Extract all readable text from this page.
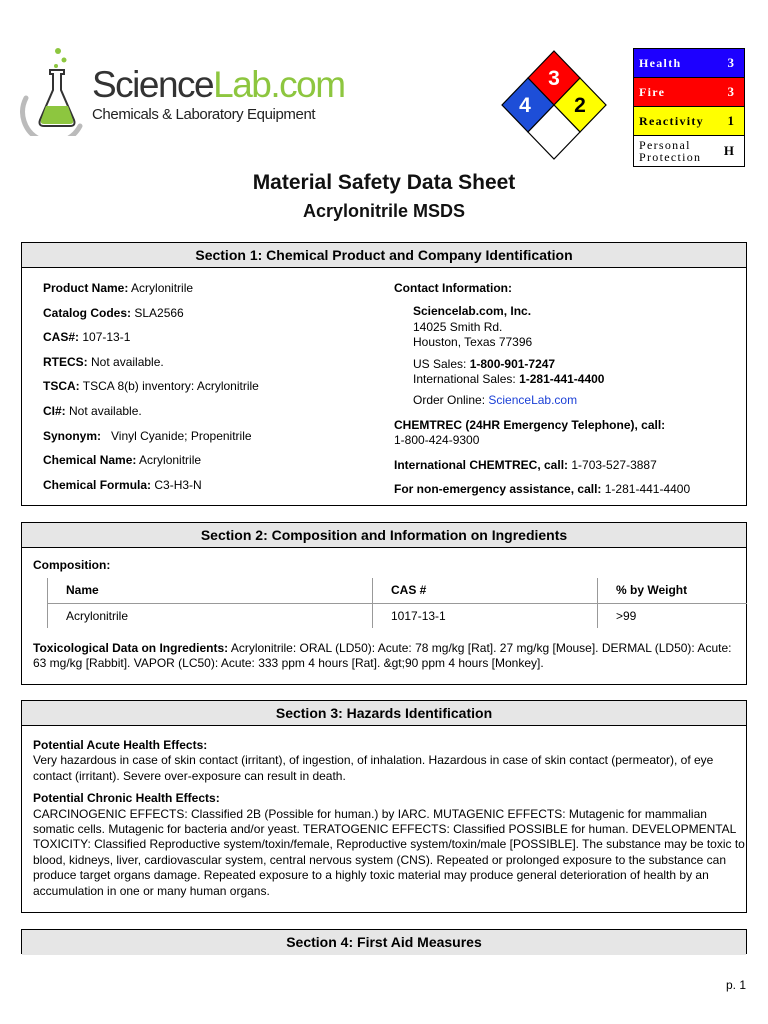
ScienceLab.com
Chemicals & Laboratory Equipment
3
4 2
Health	3
Fire	3
Reactivity 1
Personal
Protection H
Material Safety Data Sheet
Acrylonitrile MSDS
Section 1: Chemical Product and Company Identification
Product Name: Acrylonitrile
Catalog Codes: SLA2566
CAS#: 107-13-1
RTECS: Not available.
TSCA: TSCA 8(b) inventory: Acrylonitrile
CI#: Not available.
Synonym:   Vinyl Cyanide; Propenitrile
Chemical Name: Acrylonitrile
Chemical Formula: C3-H3-N
Contact Information:
Sciencelab.com, Inc.
14025 Smith Rd.
Houston, Texas 77396
US Sales: 1-800-901-7247
International Sales: 1-281-441-4400
Order Online: ScienceLab.com
CHEMTREC (24HR Emergency Telephone), call:
1-800-424-9300
International CHEMTREC, call: 1-703-527-3887
For non-emergency assistance, call: 1-281-441-4400
Section 2: Composition and Information on Ingredients
Composition:
Name	CAS #	% by Weight
Acrylonitrile	1017-13-1	>99
Toxicological Data on Ingredients: Acrylonitrile: ORAL (LD50): Acute: 78 mg/kg [Rat]. 27 mg/kg [Mouse]. DERMAL (LD50): Acute: 63 mg/kg [Rabbit]. VAPOR (LC50): Acute: 333 ppm 4 hours [Rat]. &gt;90 ppm 4 hours [Monkey].
Section 3: Hazards Identification
Potential Acute Health Effects:

Very hazardous in case of skin contact (irritant), of ingestion, of inhalation. Hazardous in case of skin contact (permeator), of eye contact (irritant). Severe over-exposure can result in death.

Potential Chronic Health Effects:

CARCINOGENIC EFFECTS: Classified 2B (Possible for human.) by IARC. MUTAGENIC EFFECTS: Mutagenic for mammalian somatic cells. Mutagenic for bacteria and/or yeast. TERATOGENIC EFFECTS: Classified POSSIBLE for human. DEVELOPMENTAL TOXICITY: Classified Reproductive system/toxin/female, Reproductive system/toxin/male [POSSIBLE]. The substance may be toxic to blood, kidneys, liver, cardiovascular system, central nervous system (CNS). Repeated or prolonged exposure to the substance can produce target organs damage. Repeated exposure to a highly toxic material may produce general deterioration of health by an accumulation in one or many human organs.

Section 4: First Aid Measures
p. 1
